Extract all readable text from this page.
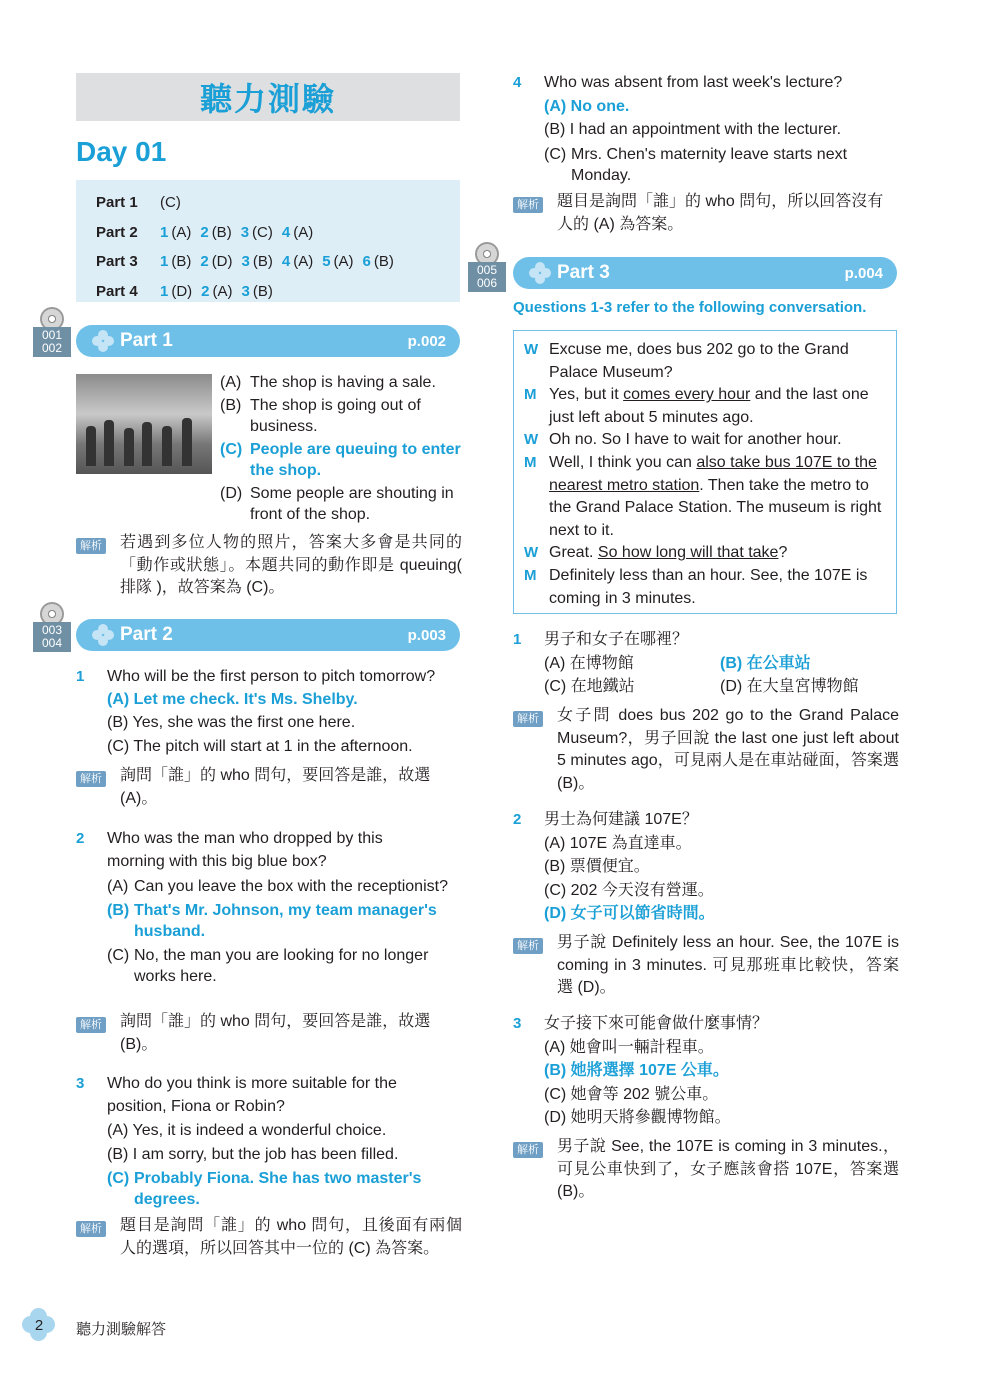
聽力測驗
Day 01
Part 1	(C)
Part 2	1 (A) 2 (B) 3 (C) 4 (A)
Part 3	1 (B) 2 (D) 3 (B) 4 (A) 5 (A) 6 (B)
Part 4	1 (D) 2 (A) 3 (B)
001
002	Part 1	p.002
(A) The shop is having a sale.
(B) The shop is going out of business.
(C) People are queuing to enter the shop.
(D) Some people are shouting in front of the shop.
解析	若遇到多位人物的照片，答案大多會是共同的「動作或狀態」。本題共同的動作即是 queuing( 排隊 )，故答案為 (C)。
003
004	Part 2	p.003
1	Who will be the first person to pitch tomorrow?
(A) Let me check. It's Ms. Shelby.
(B) Yes, she was the first one here.
(C) The pitch will start at 1 in the afternoon.
解析	詢問「誰」的 who 問句，要回答是誰，故選 (A)。
2	Who was the man who dropped by this morning with this big blue box?
(A) Can you leave the box with the receptionist?
(B) That's Mr. Johnson, my team manager's husband.
(C) No, the man you are looking for no longer works here.
解析	詢問「誰」的 who 問句，要回答是誰，故選 (B)。
3	Who do you think is more suitable for the position, Fiona or Robin?
(A) Yes, it is indeed a wonderful choice.
(B) I am sorry, but the job has been filled.
(C) Probably Fiona. She has two master's degrees.
解析	題目是詢問「誰」的 who 問句，且後面有兩個人的選項，所以回答其中一位的 (C) 為答案。
4	Who was absent from last week's lecture?
(A) No one.
(B) I had an appointment with the lecturer.
(C) Mrs. Chen's maternity leave starts next Monday.
解析	題目是詢問「誰」的 who 問句，所以回答沒有人的 (A) 為答案。
005
006	Part 3	p.004
Questions 1-3 refer to the following conversation.
W Excuse me, does bus 202 go to the Grand Palace Museum?
M Yes, but it comes every hour and the last one just left about 5 minutes ago.
W Oh no. So I have to wait for another hour.
M Well, I think you can also take bus 107E to the nearest metro station. Then take the metro to the Grand Palace Station. The museum is right next to it.
W Great. So how long will that take?
M Definitely less than an hour. See, the 107E is coming in 3 minutes.
1	男子和女子在哪裡？
(A) 在博物館	(B) 在公車站
(C) 在地鐵站	(D) 在大皇宮博物館
解析	女子問 does bus 202 go to the Grand Palace Museum?，男子回說 the last one just left about 5 minutes ago，可見兩人是在車站碰面，答案選 (B)。
2	男士為何建議 107E？
(A) 107E 為直達車。
(B) 票價便宜。
(C) 202 今天沒有營運。
(D) 女子可以節省時間。
解析	男子說 Definitely less an hour. See, the 107E is coming in 3 minutes. 可見那班車比較快，答案選 (D)。
3	女子接下來可能會做什麼事情？
(A) 她會叫一輛計程車。
(B) 她將選擇 107E 公車。
(C) 她會等 202 號公車。
(D) 她明天將參觀博物館。
解析	男子說 See, the 107E is coming in 3 minutes.，可見公車快到了，女子應該會搭 107E，答案選 (B)。
2	聽力測驗解答
